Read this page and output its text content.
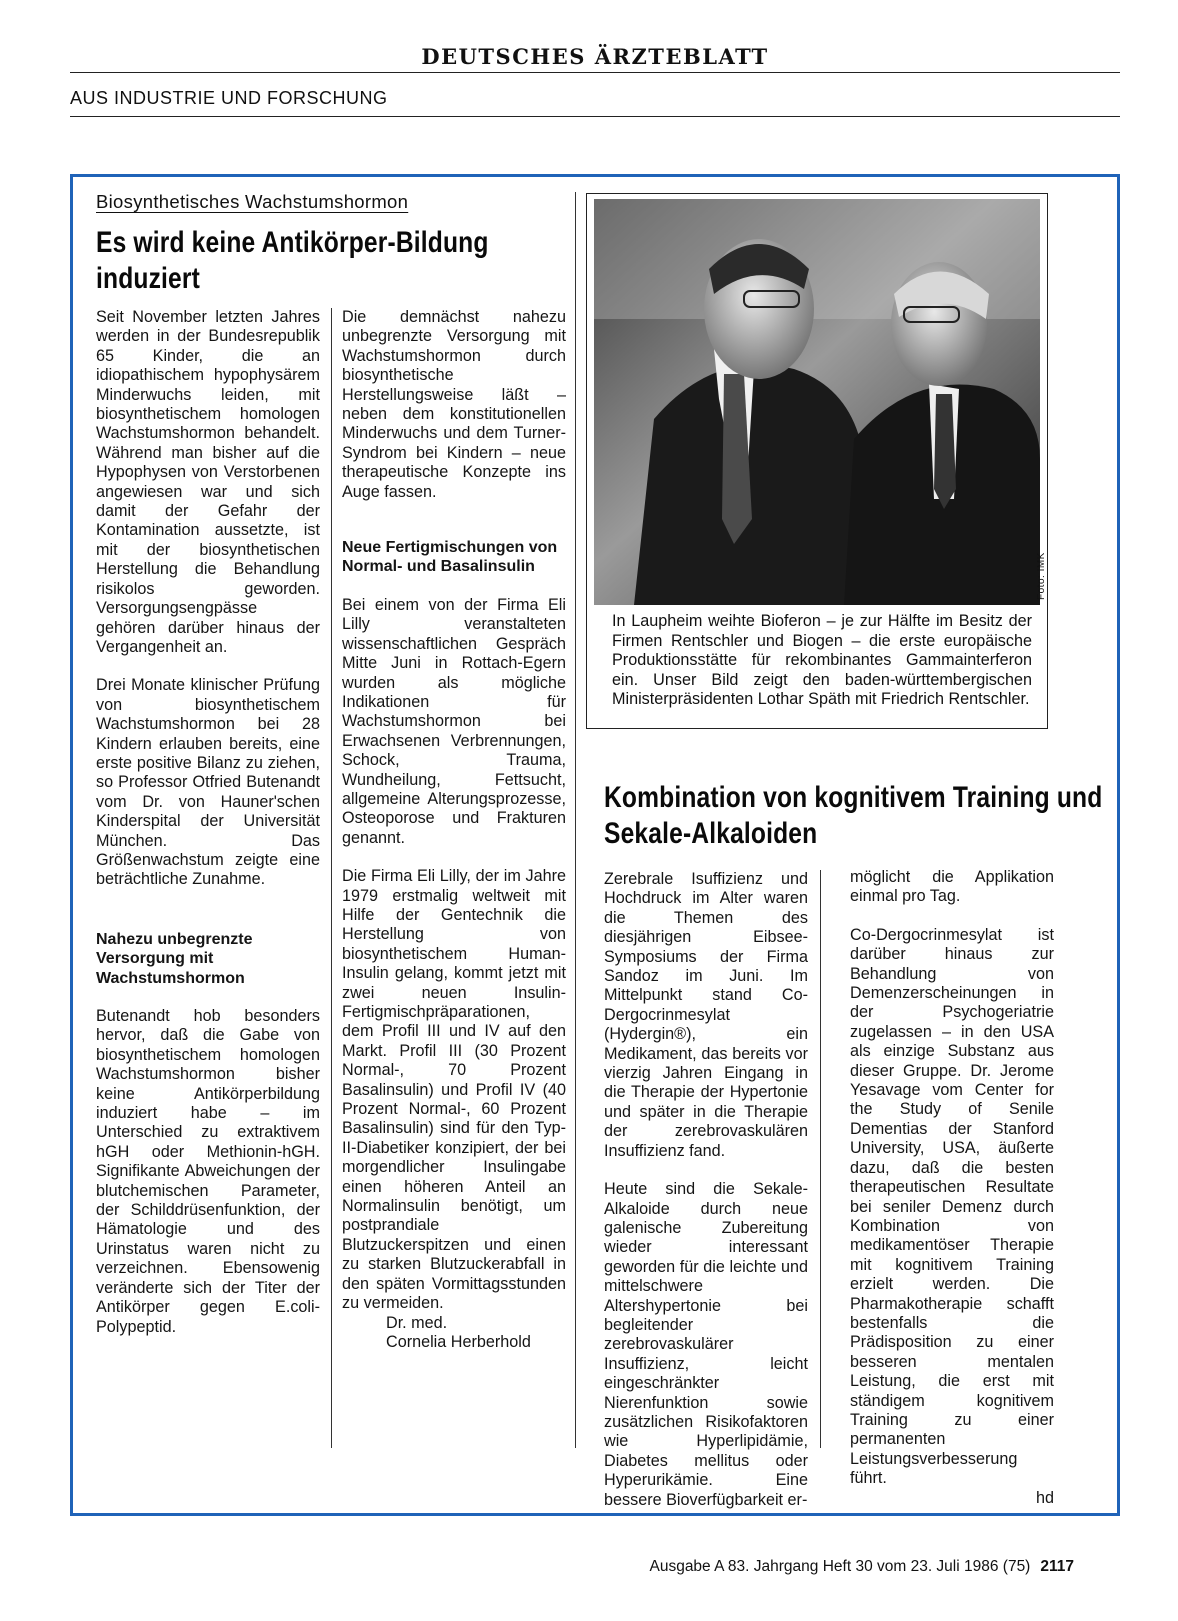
DEUTSCHES ÄRZTEBLATT

AUS INDUSTRIE UND FORSCHUNG

Biosynthetisches Wachstumshormon

Es wird keine Antikörper-Bildung induziert

Seit November letzten Jahres werden in der Bundesrepublik 65 Kinder, die an idiopathischem hypophysärem Minderwuchs leiden, mit biosynthetischem homologen Wachstumshormon behandelt. Während man bisher auf die Hypophysen von Verstorbenen angewiesen war und sich damit der Gefahr der Kontamination aussetzte, ist mit der biosynthetischen Herstellung die Behandlung risikolos geworden. Versorgungsengpässe gehören darüber hinaus der Vergangenheit an.

Drei Monate klinischer Prüfung von biosynthetischem Wachstumshormon bei 28 Kindern erlauben bereits, eine erste positive Bilanz zu ziehen, so Professor Otfried Butenandt vom Dr. von Hauner'schen Kinderspital der Universität München. Das Größenwachstum zeigte eine beträchtliche Zunahme.

Nahezu unbegrenzte Versorgung mit Wachstumshormon

Butenandt hob besonders hervor, daß die Gabe von biosynthetischem homologen Wachstumshormon bisher keine Antikörperbildung induziert habe – im Unterschied zu extraktivem hGH oder Methionin-hGH. Signifikante Abweichungen der blutchemischen Parameter, der Schilddrüsenfunktion, der Hämatologie und des Urinstatus waren nicht zu verzeichnen. Ebensowenig veränderte sich der Titer der Antikörper gegen E.coli-Polypeptid.

Die demnächst nahezu unbegrenzte Versorgung mit Wachstumshormon durch biosynthetische Herstellungsweise läßt – neben dem konstitutionellen Minderwuchs und dem Turner-Syndrom bei Kindern – neue therapeutische Konzepte ins Auge fassen.

Neue Fertigmischungen von Normal- und Basalinsulin

Bei einem von der Firma Eli Lilly veranstalteten wissenschaftlichen Gespräch Mitte Juni in Rottach-Egern wurden als mögliche Indikationen für Wachstumshormon bei Erwachsenen Verbrennungen, Schock, Trauma, Wundheilung, Fettsucht, allgemeine Alterungsprozesse, Osteoporose und Frakturen genannt.

Die Firma Eli Lilly, der im Jahre 1979 erstmalig weltweit mit Hilfe der Gentechnik die Herstellung von biosynthetischem Human-Insulin gelang, kommt jetzt mit zwei neuen Insulin-Fertigmischpräparationen, dem Profil III und IV auf den Markt. Profil III (30 Prozent Normal-, 70 Prozent Basalinsulin) und Profil IV (40 Prozent Normal-, 60 Prozent Basalinsulin) sind für den Typ-II-Diabetiker konzipiert, der bei morgendlicher Insulingabe einen höheren Anteil an Normalinsulin benötigt, um postprandiale Blutzuckerspitzen und einen zu starken Blutzuckerabfall in den späten Vormittagsstunden zu vermeiden.

Dr. med.

Cornelia Herberhold

Foto: IMK

In Laupheim weihte Bioferon – je zur Hälfte im Besitz der Firmen Rentschler und Biogen – die erste europäische Produktionsstätte für rekombinantes Gammainterferon ein. Unser Bild zeigt den baden-württembergischen Ministerpräsidenten Lothar Späth mit Friedrich Rentschler.

Kombination von kognitivem Training und Sekale-Alkaloiden

Zerebrale Isuffizienz und Hochdruck im Alter waren die Themen des diesjährigen Eibsee-Symposiums der Firma Sandoz im Juni. Im Mittelpunkt stand Co-Dergocrinmesylat (Hydergin®), ein Medikament, das bereits vor vierzig Jahren Eingang in die Therapie der Hypertonie und später in die Therapie der zerebrovaskulären Insuffizienz fand.

Heute sind die Sekale-Alkaloide durch neue galenische Zubereitung wieder interessant geworden für die leichte und mittelschwere Altershypertonie bei begleitender zerebrovaskulärer Insuffizienz, leicht eingeschränkter Nierenfunktion sowie zusätzlichen Risikofaktoren wie Hyperlipidämie, Diabetes mellitus oder Hyperurikämie. Eine bessere Bioverfügbarkeit er-

möglicht die Applikation einmal pro Tag.

Co-Dergocrinmesylat ist darüber hinaus zur Behandlung von Demenzerscheinungen in der Psychogeriatrie zugelassen – in den USA als einzige Substanz aus dieser Gruppe. Dr. Jerome Yesavage vom Center for the Study of Senile Dementias der Stanford University, USA, äußerte dazu, daß die besten therapeutischen Resultate bei seniler Demenz durch Kombination von medikamentöser Therapie mit kognitivem Training erzielt werden. Die Pharmakotherapie schafft bestenfalls die Prädisposition zu einer besseren mentalen Leistung, die erst mit ständigem kognitivem Training zu einer permanenten Leistungsverbesserung führt.

hd

Ausgabe A 83. Jahrgang Heft 30 vom 23. Juli 1986 (75) 2117
